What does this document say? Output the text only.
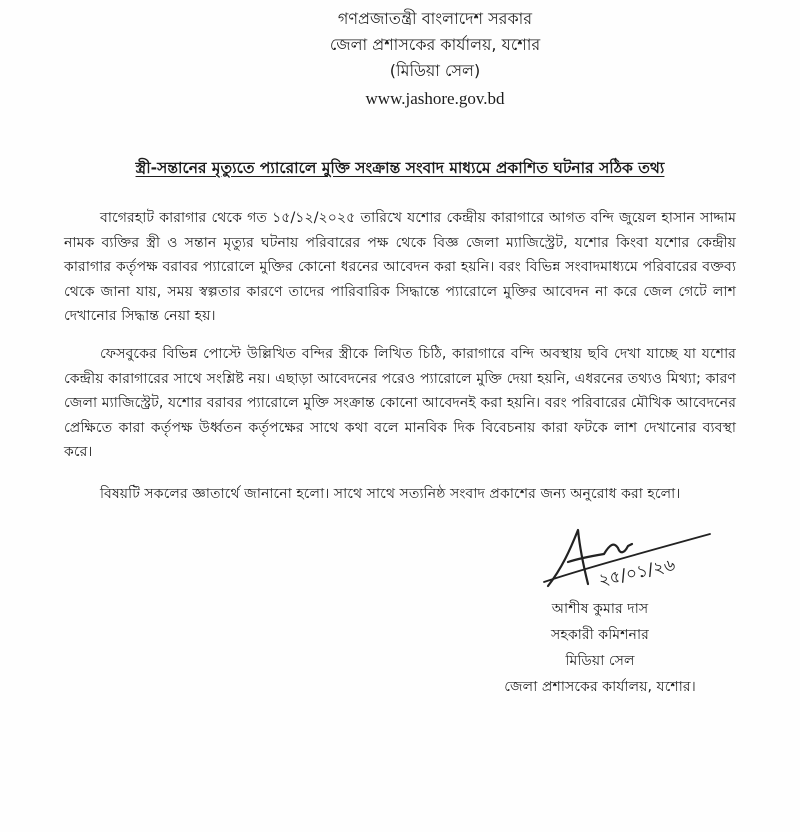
গণপ্রজাতন্ত্রী বাংলাদেশ সরকার
জেলা প্রশাসকের কার্যালয়, যশোর
(মিডিয়া সেল)
www.jashore.gov.bd
স্ত্রী-সন্তানের মৃত্যুতে প্যারোলে মুক্তি সংক্রান্ত সংবাদ মাধ্যমে প্রকাশিত ঘটনার সঠিক তথ্য
বাগেরহাট কারাগার থেকে গত ১৫/১২/২০২৫ তারিখে যশোর কেন্দ্রীয় কারাগারে আগত বন্দি জুয়েল হাসান সাদ্দাম নামক ব্যক্তির স্ত্রী ও সন্তান মৃত্যুর ঘটনায় পরিবারের পক্ষ থেকে বিজ্ঞ জেলা ম্যাজিস্ট্রেট, যশোর কিংবা যশোর কেন্দ্রীয় কারাগার কর্তৃপক্ষ বরাবর প্যারোলে মুক্তির কোনো ধরনের আবেদন করা হয়নি। বরং বিভিন্ন সংবাদমাধ্যমে পরিবারের বক্তব্য থেকে জানা যায়, সময় স্বল্পতার কারণে তাদের পারিবারিক সিদ্ধান্তে প্যারোলে মুক্তির আবেদন না করে জেল গেটে লাশ দেখানোর সিদ্ধান্ত নেয়া হয়।
ফেসবুকের বিভিন্ন পোস্টে উল্লিখিত বন্দির স্ত্রীকে লিখিত চিঠি, কারাগারে বন্দি অবস্থায় ছবি দেখা যাচ্ছে যা যশোর কেন্দ্রীয় কারাগারের সাথে সংশ্লিষ্ট নয়। এছাড়া আবেদনের পরেও প্যারোলে মুক্তি দেয়া হয়নি, এধরনের তথ্যও মিথ্যা; কারণ জেলা ম্যাজিস্ট্রেট, যশোর বরাবর প্যারোলে মুক্তি সংক্রান্ত কোনো আবেদনই করা হয়নি। বরং পরিবারের মৌখিক আবেদনের প্রেক্ষিতে কারা কর্তৃপক্ষ উর্ধ্বতন কর্তৃপক্ষের সাথে কথা বলে মানবিক দিক বিবেচনায় কারা ফটকে লাশ দেখানোর ব্যবস্থা করে।
বিষয়টি সকলের জ্ঞাতার্থে জানানো হলো। সাথে সাথে সত্যনিষ্ঠ সংবাদ প্রকাশের জন্য অনুরোধ করা হলো।
২৫/০১/২৬
আশীষ কুমার দাস
সহকারী কমিশনার
মিডিয়া সেল
জেলা প্রশাসকের কার্যালয়, যশোর।
